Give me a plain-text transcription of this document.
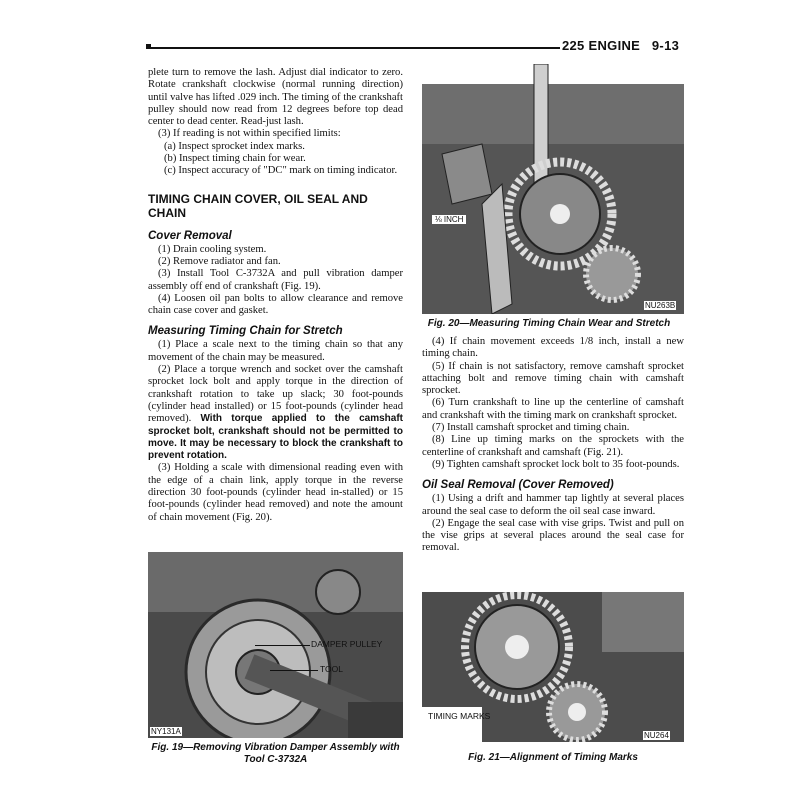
225 ENGINE 9-13

plete turn to remove the lash. Adjust dial indicator to zero. Rotate crankshaft clockwise (normal running direction) until valve has lifted .029 inch. The timing of the crankshaft pulley should now read from 12 degrees before top dead center to dead center. Read-just lash.

(3) If reading is not within specified limits:

(a) Inspect sprocket index marks.

(b) Inspect timing chain for wear.

(c) Inspect accuracy of "DC" mark on timing indicator.

TIMING CHAIN COVER, OIL SEAL AND CHAIN

Cover Removal

(1) Drain cooling system.

(2) Remove radiator and fan.

(3) Install Tool C-3732A and pull vibration damper assembly off end of crankshaft (Fig. 19).

(4) Loosen oil pan bolts to allow clearance and remove chain case cover and gasket.

Measuring Timing Chain for Stretch

(1) Place a scale next to the timing chain so that any movement of the chain may be measured.

(2) Place a torque wrench and socket over the camshaft sprocket lock bolt and apply torque in the direction of crankshaft rotation to take up slack; 30 foot-pounds (cylinder head installed) or 15 foot-pounds (cylinder head removed). With torque applied to the camshaft sprocket bolt, crankshaft should not be permitted to move. It may be necessary to block the crankshaft to prevent rotation.

(3) Holding a scale with dimensional reading even with the edge of a chain link, apply torque in the reverse direction 30 foot-pounds (cylinder head in-stalled) or 15 foot-pounds (cylinder head removed) and note the amount of chain movement (Fig. 20).

DAMPER PULLEY
TOOL
NY131A
Fig. 19—Removing Vibration Damper Assembly with Tool C-3732A
⅛ INCH
NU263B
Fig. 20—Measuring Timing Chain Wear and Stretch

(4) If chain movement exceeds 1/8 inch, install a new timing chain.

(5) If chain is not satisfactory, remove camshaft sprocket attaching bolt and remove timing chain with camshaft sprocket.

(6) Turn crankshaft to line up the centerline of camshaft and crankshaft with the timing mark on crankshaft sprocket.

(7) Install camshaft sprocket and timing chain.

(8) Line up timing marks on the sprockets with the centerline of crankshaft and camshaft (Fig. 21).

(9) Tighten camshaft sprocket lock bolt to 35 foot-pounds.

Oil Seal Removal (Cover Removed)

(1) Using a drift and hammer tap lightly at several places around the seal case to deform the oil seal case inward.

(2) Engage the seal case with vise grips. Twist and pull on the vise grips at several places around the seal case for removal.

TIMING MARKS
NU264
Fig. 21—Alignment of Timing Marks
